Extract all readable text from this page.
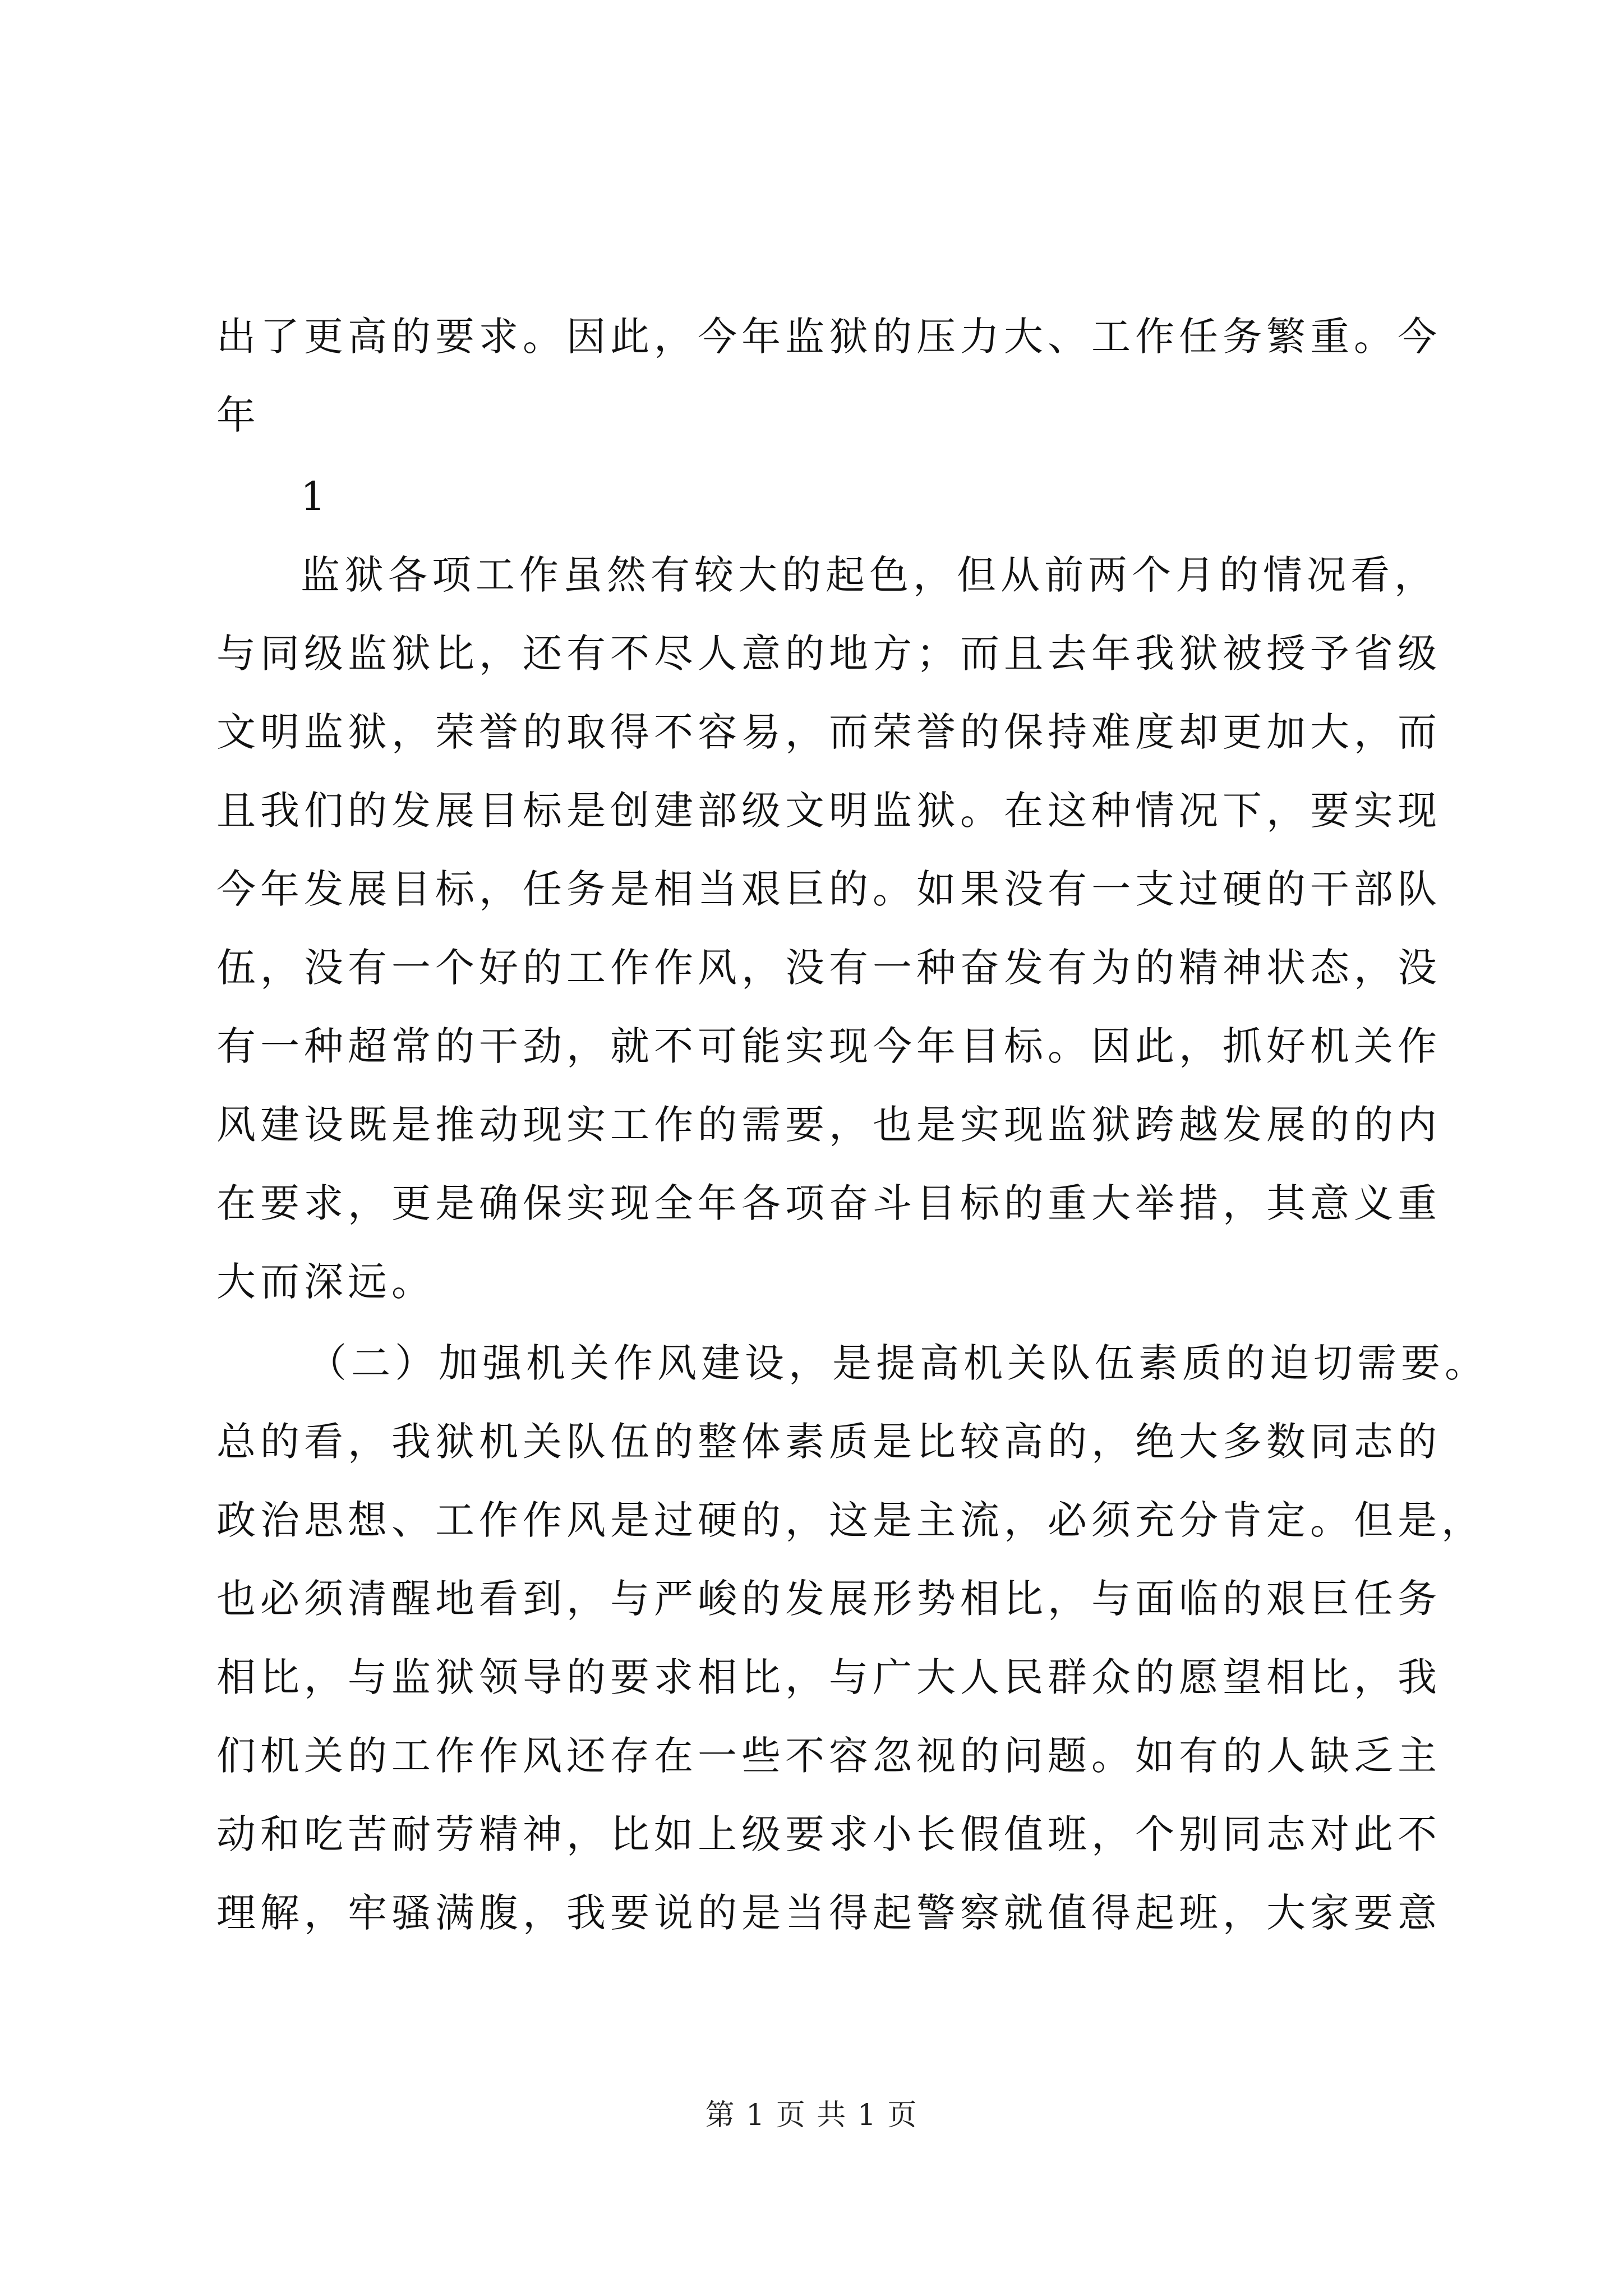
出了更高的要求。因此，今年监狱的压力大、工作任务繁重。今
年
1
监狱各项工作虽然有较大的起色，但从前两个月的情况看，
与同级监狱比，还有不尽人意的地方；而且去年我狱被授予省级
文明监狱，荣誉的取得不容易，而荣誉的保持难度却更加大，而
且我们的发展目标是创建部级文明监狱。在这种情况下，要实现
今年发展目标，任务是相当艰巨的。如果没有一支过硬的干部队
伍，没有一个好的工作作风，没有一种奋发有为的精神状态，没
有一种超常的干劲，就不可能实现今年目标。因此，抓好机关作
风建设既是推动现实工作的需要，也是实现监狱跨越发展的的内
在要求，更是确保实现全年各项奋斗目标的重大举措，其意义重
大而深远。
（二）加强机关作风建设，是提高机关队伍素质的迫切需要。
总的看，我狱机关队伍的整体素质是比较高的，绝大多数同志的
政治思想、工作作风是过硬的，这是主流，必须充分肯定。但是，
也必须清醒地看到，与严峻的发展形势相比，与面临的艰巨任务
相比，与监狱领导的要求相比，与广大人民群众的愿望相比，我
们机关的工作作风还存在一些不容忽视的问题。如有的人缺乏主
动和吃苦耐劳精神，比如上级要求小长假值班，个别同志对此不
理解，牢骚满腹，我要说的是当得起警察就值得起班，大家要意
第 1 页 共 1 页
